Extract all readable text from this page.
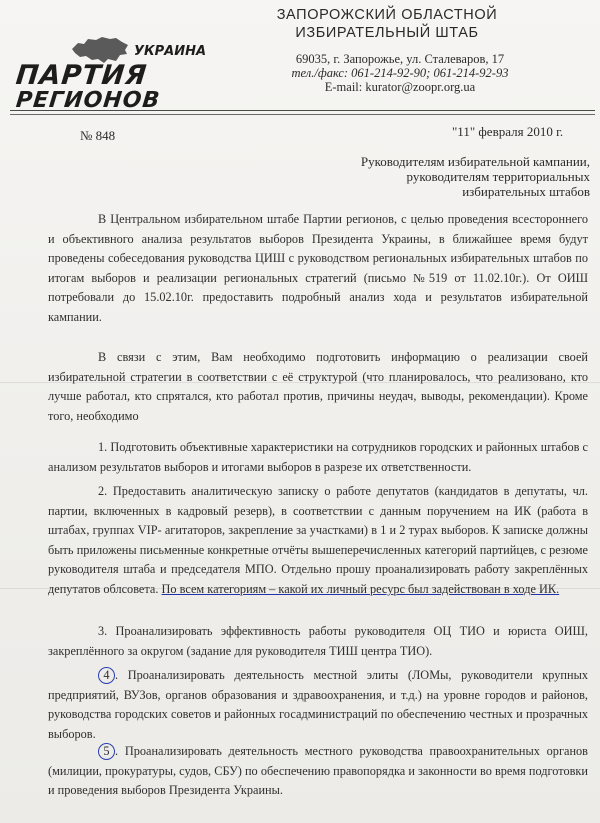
УКРАИНА
ПАРТИЯ
РЕГИОНОВ
ЗАПОРОЖСКИЙ ОБЛАСТНОЙ
ИЗБИРАТЕЛЬНЫЙ ШТАБ
69035, г. Запорожье, ул. Сталеваров, 17
тел./факс: 061-214-92-90; 061-214-92-93
E-mail: kurator@zoopr.org.ua
№ 848	"11" февраля 2010 г.
Руководителям избирательной кампании,
руководителям территориальных
избирательных штабов

В Центральном избирательном штабе Партии регионов, с целью проведения всестороннего и объективного анализа результатов выборов Президента Украины, в ближайшее время будут проведены собеседования руководства ЦИШ с руководством региональных избирательных штабов по итогам выборов и реализации региональных стратегий (письмо №519 от 11.02.10г.). От ОИШ потребовали до 15.02.10г. предоставить подробный анализ хода и результатов избирательной кампании.

В связи с этим, Вам необходимо подготовить информацию о реализации своей избирательной стратегии в соответствии с её структурой (что планировалось, что реализовано, кто лучше работал, кто спрятался, кто работал против, причины неудач, выводы, рекомендации). Кроме того, необходимо

1. Подготовить объективные характеристики на сотрудников городских и районных штабов с анализом результатов выборов и итогами выборов в разрезе их ответственности.

2. Предоставить аналитическую записку о работе депутатов (кандидатов в депутаты, чл. партии, включенных в кадровый резерв), в соответствии с данным поручением на ИК (работа в штабах, группах VIP- агитаторов, закрепление за участками) в 1 и 2 турах выборов. К записке должны быть приложены письменные конкретные отчёты вышеперечисленных категорий партийцев, с резюме руководителя штаба и председателя МПО. Отдельно прошу проанализировать работу закреплённых депутатов облсовета. По всем категориям – какой их личный ресурс был задействован в ходе ИК.

3. Проанализировать эффективность работы руководителя ОЦ ТИО и юриста ОИШ, закреплённого за округом (задание для руководителя ТИШ центра ТИО).

4 . Проанализировать деятельность местной элиты (ЛОМы, руководители крупных предприятий, ВУЗов, органов образования и здравоохранения, и т.д.) на уровне городов и районов, руководства городских советов и районных госадминистраций по обеспечению честных и прозрачных выборов.

5 . Проанализировать деятельность местного руководства правоохранительных органов (милиции, прокуратуры, судов, СБУ) по обеспечению правопорядка и законности во время подготовки и проведения выборов Президента Украины.
